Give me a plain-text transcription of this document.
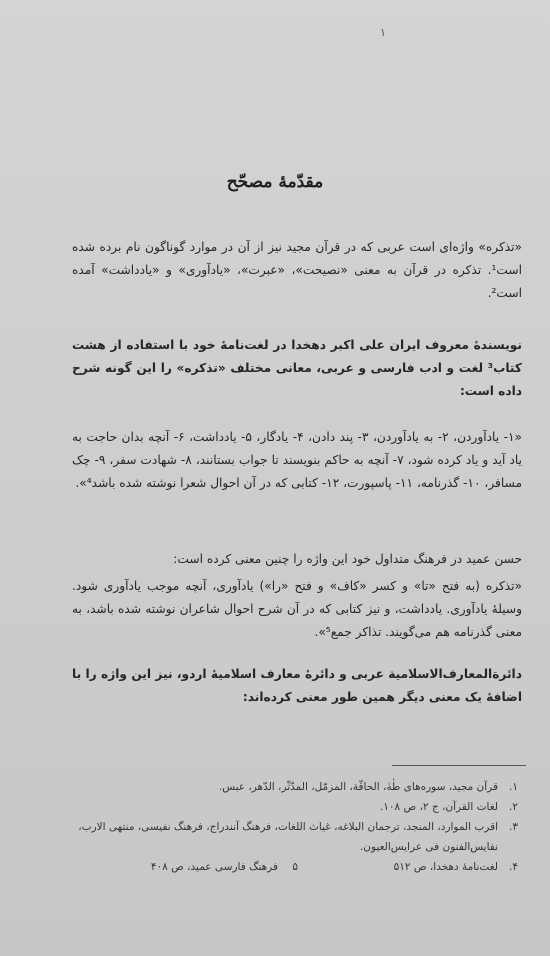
۱
مقدّمهٔ مصحّح

«تذکره» واژه‌ای است عربی که در قرآن مجید نیز از آن در موارد گوناگون نام برده شده است¹. تذکره در قرآن به معنی «نصیحت»، «عبرت»، «یادآوری» و «یادداشت» آمده است².

نویسندهٔ معروف ایران علی اکبر دهخدا در لغت‌نامهٔ خود با استفاده از هشت کتاب³ لغت و ادب فارسی و عربی، معانی مختلف «تذکره» را این گونه شرح داده است:

«۱- یادآوردن، ۲- به یادآوردن، ۳- پند دادن، ۴- یادگار، ۵- یادداشت، ۶- آنچه بدان حاجت به یاد آید و یاد کرده شود، ۷- آنچه به حاکم بنویسند تا جواب بستانند، ۸- شهادت سفر، ۹- چک مسافر، ۱۰- گذرنامه، ۱۱- پاسپورت، ۱۲- کتابی که در آن احوال شعرا نوشته شده باشد⁴».

حسن عمید در فرهنگ متداول خود این واژه را چنین معنی کرده است:

«تذکره (به فتح «تا» و کسر «کاف» و فتح «را») یادآوری، آنچه موجب یادآوری شود. وسیلهٔ یادآوری. یادداشت، و نیز کتابی که در آن شرح احوال شاعران نوشته شده باشد، به معنی گذرنامه هم می‌گویند. تذاکر جمع⁵».

دائرة‌المعارف‌الاسلامیة عربی و دائرهٔ معارف اسلامیهٔ اردو، نیز این واژه را با اضافهٔ یک معنی دیگر همین طور معنی کرده‌اند:

۱.
قرآن مجید، سوره‌های طٰهٰ، الحاقّة، المزمّل، المدّثّر، الدّهر، عبس.
۲.
لغات القرآن، ج ۲، ص ۱۰۸.
۳.
اقرب الموارد، المنجد، ترجمان البلاغه، غیاث اللغات، فرهنگ آنندراج، فرهنگ نفیسی، منتهی الارب، نفایس‌الفنون فی عرایس‌العیون.
۴.
لغت‌نامهٔ دهخدا، ص ۵۱۲
۵
فرهنگ فارسی عمید، ص ۴۰۸
